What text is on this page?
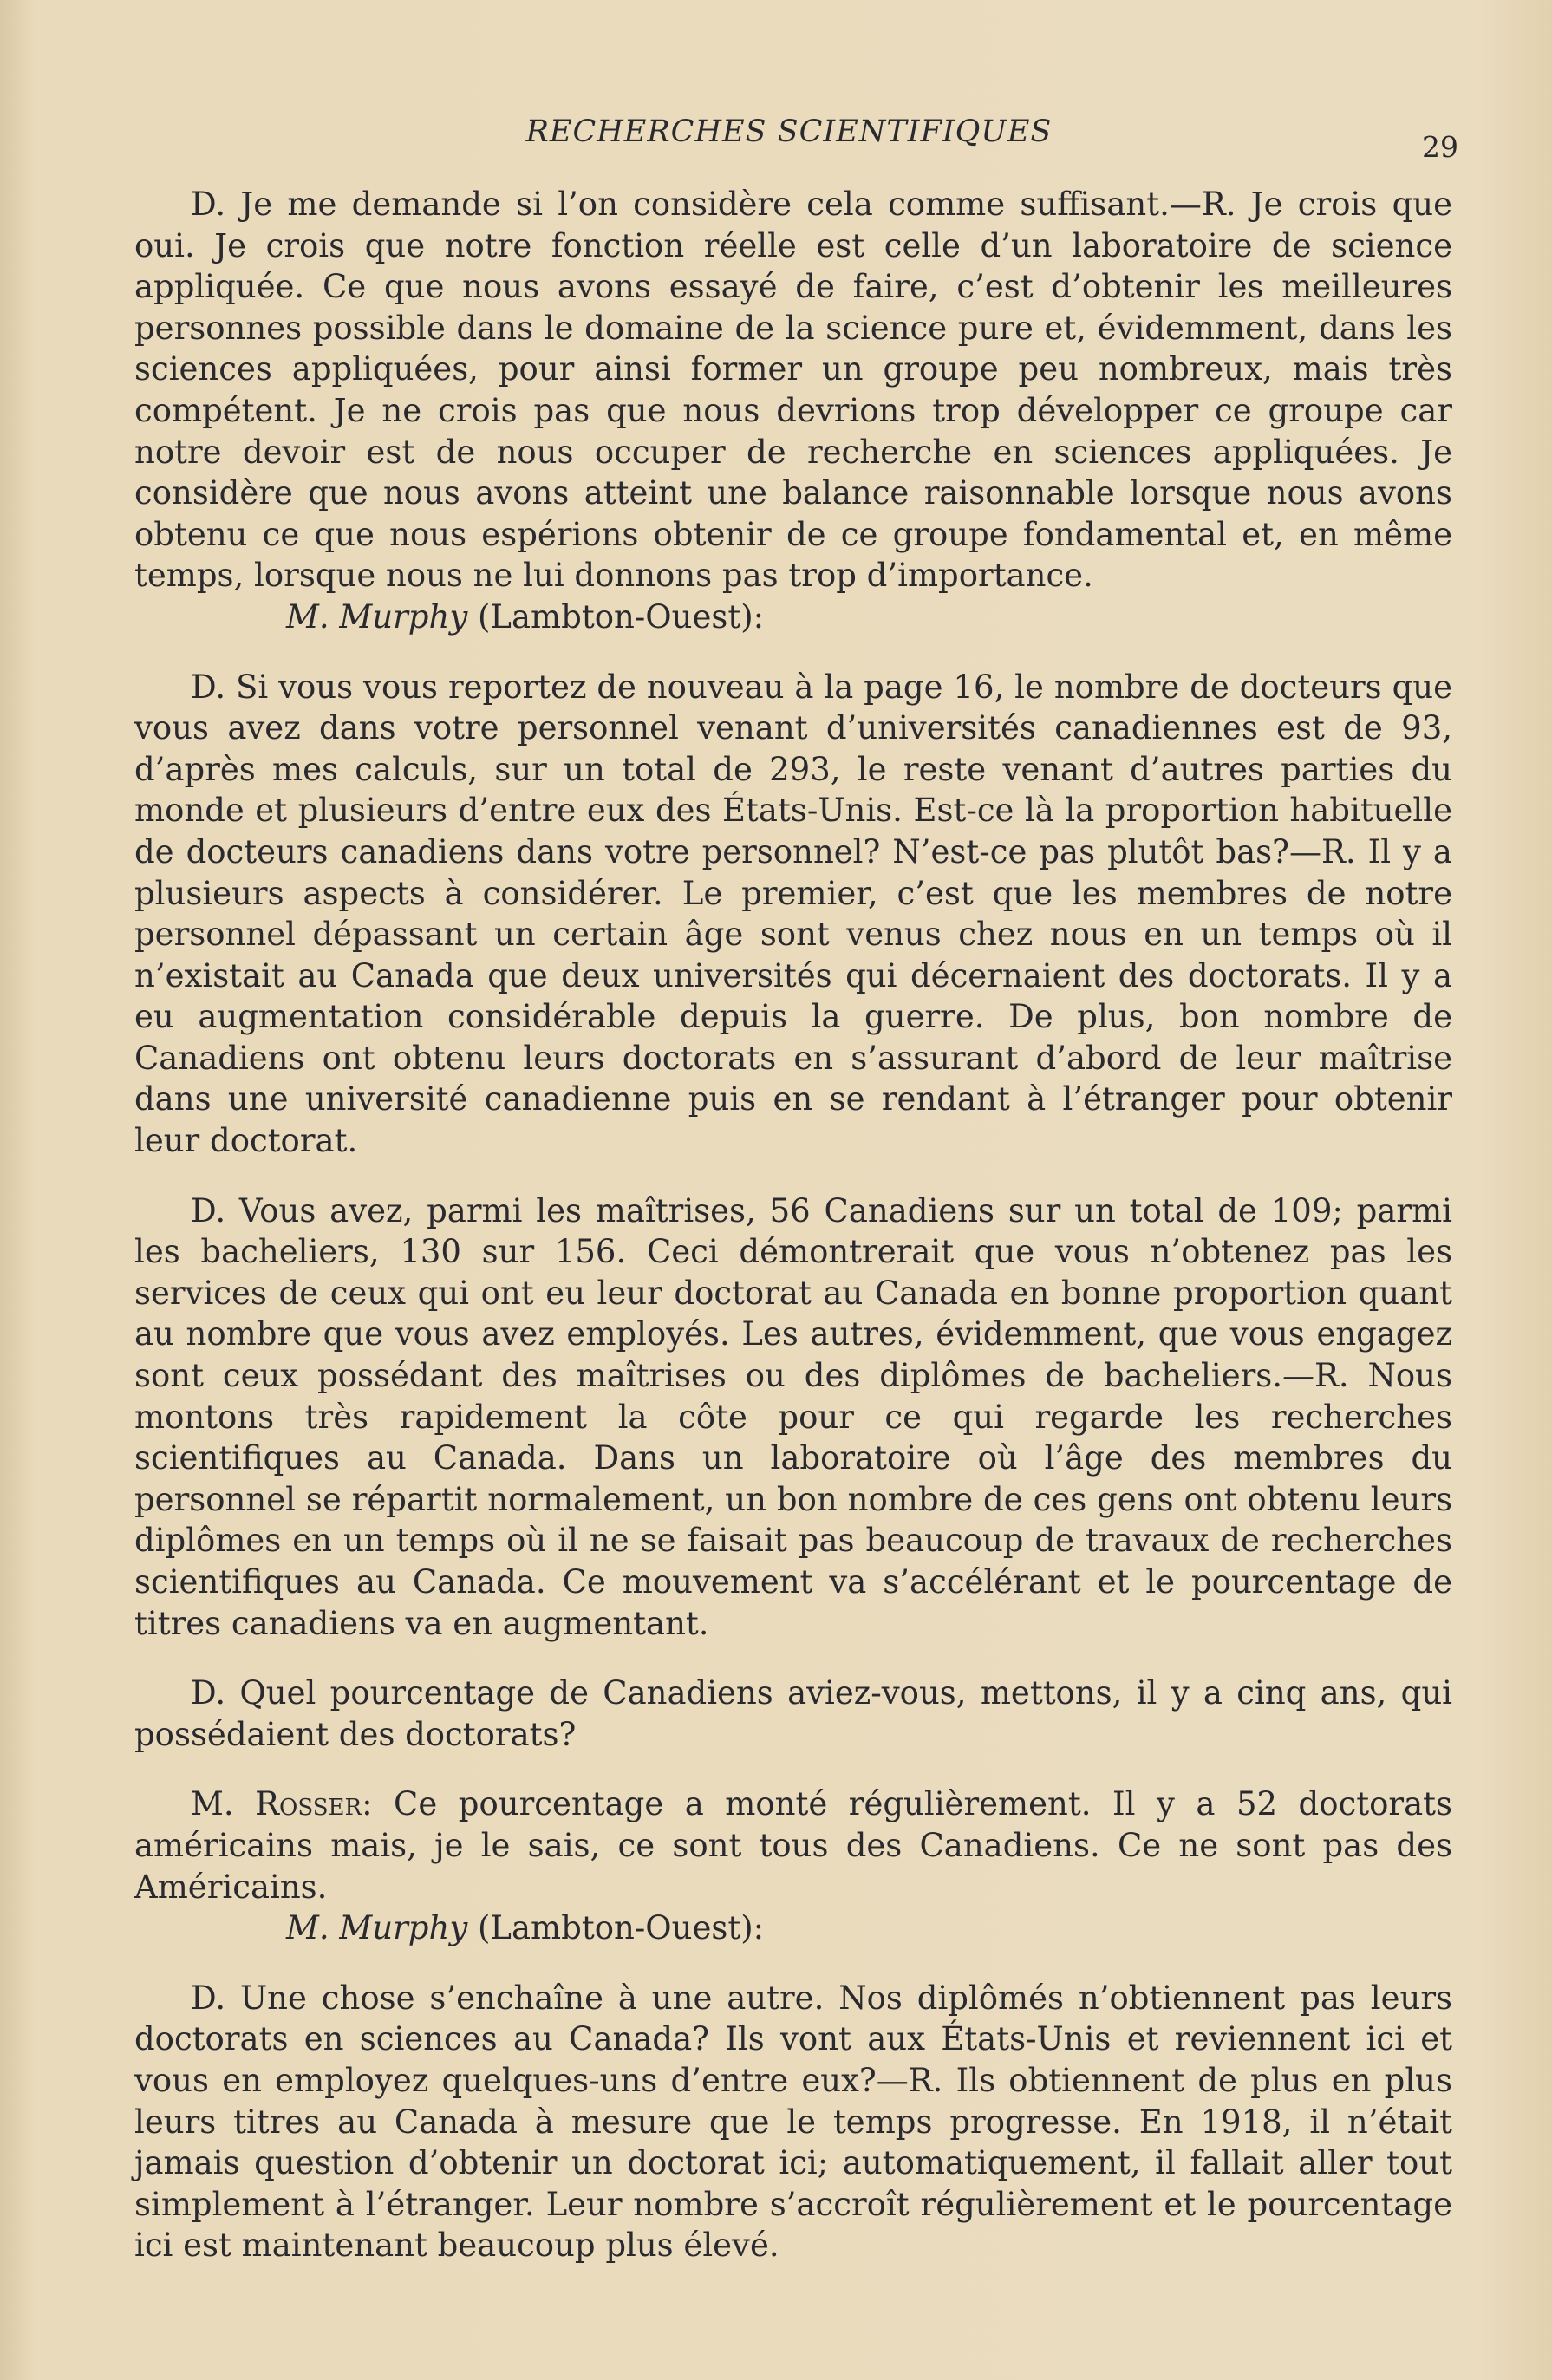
RECHERCHES SCIENTIFIQUES	29

D. Je me demande si l’on considère cela comme suffisant.—R. Je crois que oui. Je crois que notre fonction réelle est celle d’un laboratoire de science appliquée. Ce que nous avons essayé de faire, c’est d’obtenir les meilleures personnes possible dans le domaine de la science pure et, évidemment, dans les sciences appliquées, pour ainsi former un groupe peu nombreux, mais très compétent. Je ne crois pas que nous devrions trop développer ce groupe car notre devoir est de nous occuper de recherche en sciences appliquées. Je considère que nous avons atteint une balance raisonnable lorsque nous avons obtenu ce que nous espérions obtenir de ce groupe fondamental et, en même temps, lorsque nous ne lui donnons pas trop d’importance.

M. Murphy (Lambton-Ouest):

D. Si vous vous reportez de nouveau à la page 16, le nombre de docteurs que vous avez dans votre personnel venant d’universités canadiennes est de 93, d’après mes calculs, sur un total de 293, le reste venant d’autres parties du monde et plusieurs d’entre eux des États-Unis. Est-ce là la proportion habituelle de docteurs canadiens dans votre personnel? N’est-ce pas plutôt bas?—R. Il y a plusieurs aspects à considérer. Le premier, c’est que les membres de notre personnel dépassant un certain âge sont venus chez nous en un temps où il n’existait au Canada que deux universités qui décernaient des doctorats. Il y a eu augmentation considérable depuis la guerre. De plus, bon nombre de Canadiens ont obtenu leurs doctorats en s’assurant d’abord de leur maîtrise dans une université canadienne puis en se rendant à l’étranger pour obtenir leur doctorat.

D. Vous avez, parmi les maîtrises, 56 Canadiens sur un total de 109; parmi les bacheliers, 130 sur 156. Ceci démontrerait que vous n’obtenez pas les services de ceux qui ont eu leur doctorat au Canada en bonne proportion quant au nombre que vous avez employés. Les autres, évidemment, que vous engagez sont ceux possédant des maîtrises ou des diplômes de bacheliers.—R. Nous montons très rapidement la côte pour ce qui regarde les recherches scientifiques au Canada. Dans un laboratoire où l’âge des membres du personnel se répartit normalement, un bon nombre de ces gens ont obtenu leurs diplômes en un temps où il ne se faisait pas beaucoup de travaux de recherches scientifiques au Canada. Ce mouvement va s’accélérant et le pourcentage de titres canadiens va en augmentant.

D. Quel pourcentage de Canadiens aviez-vous, mettons, il y a cinq ans, qui possédaient des doctorats?

M. Rosser: Ce pourcentage a monté régulièrement. Il y a 52 doctorats américains mais, je le sais, ce sont tous des Canadiens. Ce ne sont pas des Américains.

M. Murphy (Lambton-Ouest):

D. Une chose s’enchaîne à une autre. Nos diplômés n’obtiennent pas leurs doctorats en sciences au Canada? Ils vont aux États-Unis et reviennent ici et vous en employez quelques-uns d’entre eux?—R. Ils obtiennent de plus en plus leurs titres au Canada à mesure que le temps progresse. En 1918, il n’était jamais question d’obtenir un doctorat ici; automatiquement, il fallait aller tout simplement à l’étranger. Leur nombre s’accroît régulièrement et le pourcentage ici est maintenant beaucoup plus élevé.
